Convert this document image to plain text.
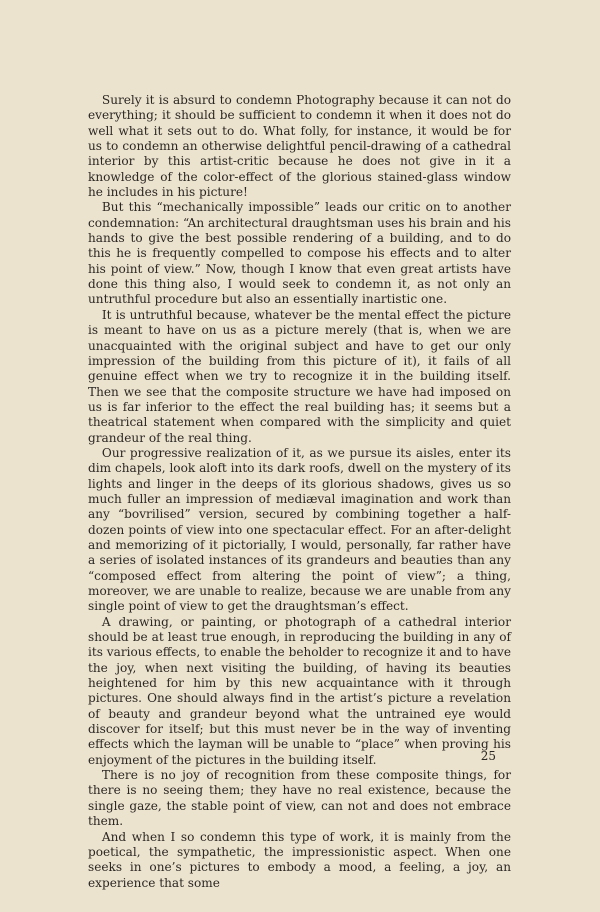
Surely it is absurd to condemn Photography because it can not do everything; it should be sufficient to condemn it when it does not do well what it sets out to do. What folly, for instance, it would be for us to condemn an otherwise delightful pencil-drawing of a cathedral interior by this artist-critic because he does not give in it a knowledge of the color-effect of the glorious stained-glass window he includes in his picture!

But this “mechanically impossible” leads our critic on to another condemnation: “An architectural draughtsman uses his brain and his hands to give the best possible rendering of a building, and to do this he is frequently compelled to compose his effects and to alter his point of view.” Now, though I know that even great artists have done this thing also, I would seek to condemn it, as not only an untruthful procedure but also an essentially inartistic one.

It is untruthful because, whatever be the mental effect the picture is meant to have on us as a picture merely (that is, when we are unacquainted with the original subject and have to get our only impression of the building from this picture of it), it fails of all genuine effect when we try to recognize it in the building itself. Then we see that the composite structure we have had imposed on us is far inferior to the effect the real building has; it seems but a theatrical statement when compared with the simplicity and quiet grandeur of the real thing.

Our progressive realization of it, as we pursue its aisles, enter its dim chapels, look aloft into its dark roofs, dwell on the mystery of its lights and linger in the deeps of its glorious shadows, gives us so much fuller an impression of mediæval imagination and work than any “bovrilised” version, secured by combining together a half-dozen points of view into one spectacular effect. For an after-delight and memorizing of it pictorially, I would, personally, far rather have a series of isolated instances of its grandeurs and beauties than any “composed effect from altering the point of view”; a thing, moreover, we are unable to realize, because we are unable from any single point of view to get the draughtsman’s effect.

A drawing, or painting, or photograph of a cathedral interior should be at least true enough, in reproducing the building in any of its various effects, to enable the beholder to recognize it and to have the joy, when next visiting the building, of having its beauties heightened for him by this new acquaintance with it through pictures. One should always find in the artist’s picture a revelation of beauty and grandeur beyond what the untrained eye would discover for itself; but this must never be in the way of inventing effects which the layman will be unable to “place” when proving his enjoyment of the pictures in the building itself.

There is no joy of recognition from these composite things, for there is no seeing them; they have no real existence, because the single gaze, the stable point of view, can not and does not embrace them.

And when I so condemn this type of work, it is mainly from the poetical, the sympathetic, the impressionistic aspect. When one seeks in one’s pictures to embody a mood, a feeling, a joy, an experience that some

25
